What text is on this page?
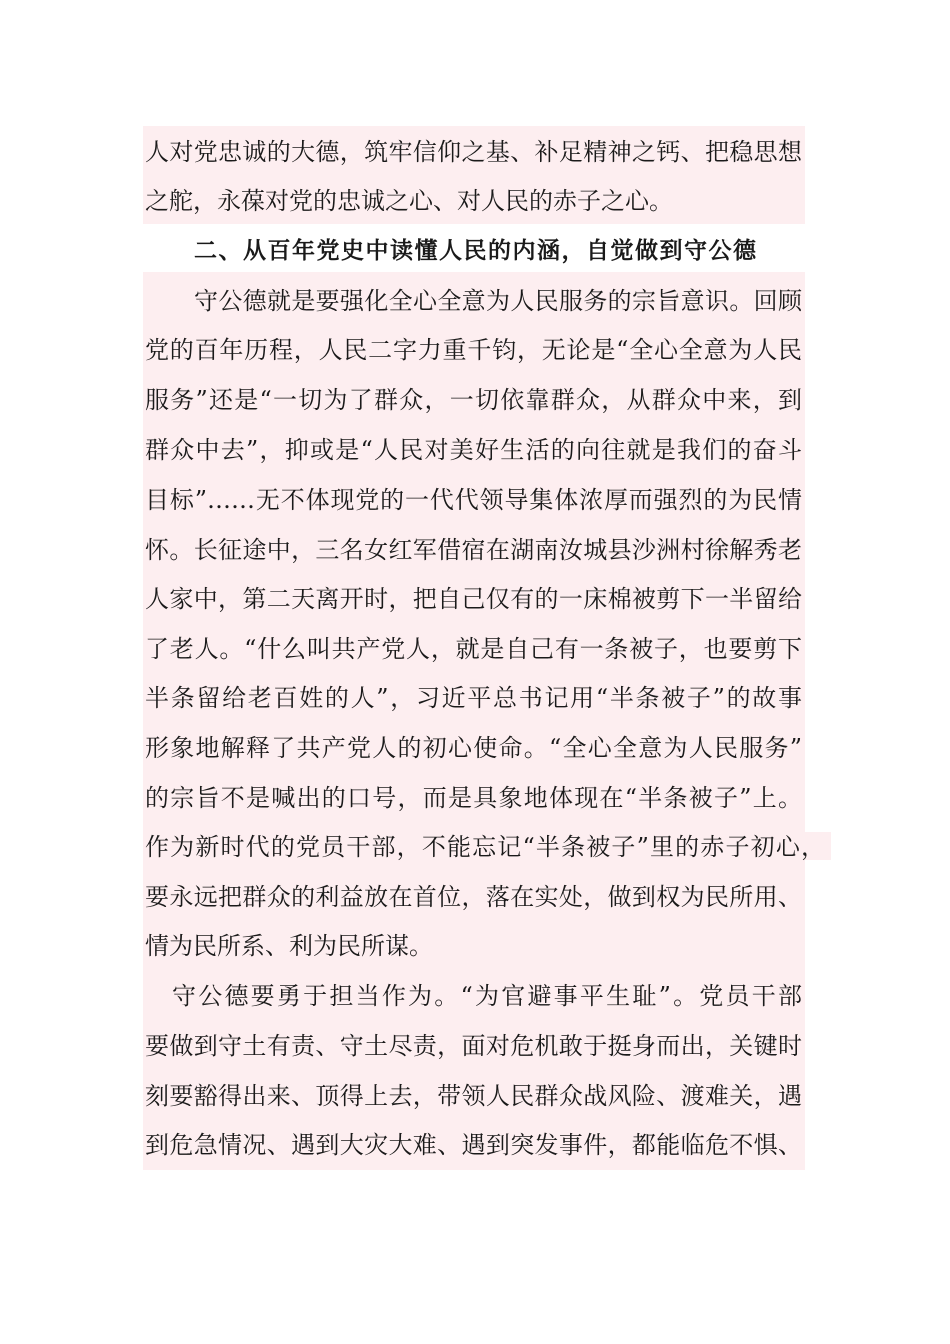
人对党忠诚的大德，筑牢信仰之基、补足精神之钙、把稳思想
之舵，永葆对党的忠诚之心、对人民的赤子之心。
二、从百年党史中读懂人民的内涵，自觉做到守公德
守公德就是要强化全心全意为人民服务的宗旨意识。回顾
党的百年历程，人民二字力重千钧，无论是“全心全意为人民
服务”还是“一切为了群众，一切依靠群众，从群众中来，到
群众中去”，抑或是“人民对美好生活的向往就是我们的奋斗
目标”……无不体现党的一代代领导集体浓厚而强烈的为民情
怀。长征途中，三名女红军借宿在湖南汝城县沙洲村徐解秀老
人家中，第二天离开时，把自己仅有的一床棉被剪下一半留给
了老人。“什么叫共产党人，就是自己有一条被子，也要剪下
半条留给老百姓的人”，习近平总书记用“半条被子”的故事
形象地解释了共产党人的初心使命。“全心全意为人民服务”
的宗旨不是喊出的口号，而是具象地体现在“半条被子”上。
作为新时代的党员干部，不能忘记“半条被子”里的赤子初心，
要永远把群众的利益放在首位，落在实处，做到权为民所用、
情为民所系、利为民所谋。
守公德要勇于担当作为。“为官避事平生耻”。党员干部
要做到守土有责、守土尽责，面对危机敢于挺身而出，关键时
刻要豁得出来、顶得上去，带领人民群众战风险、渡难关，遇
到危急情况、遇到大灾大难、遇到突发事件，都能临危不惧、
